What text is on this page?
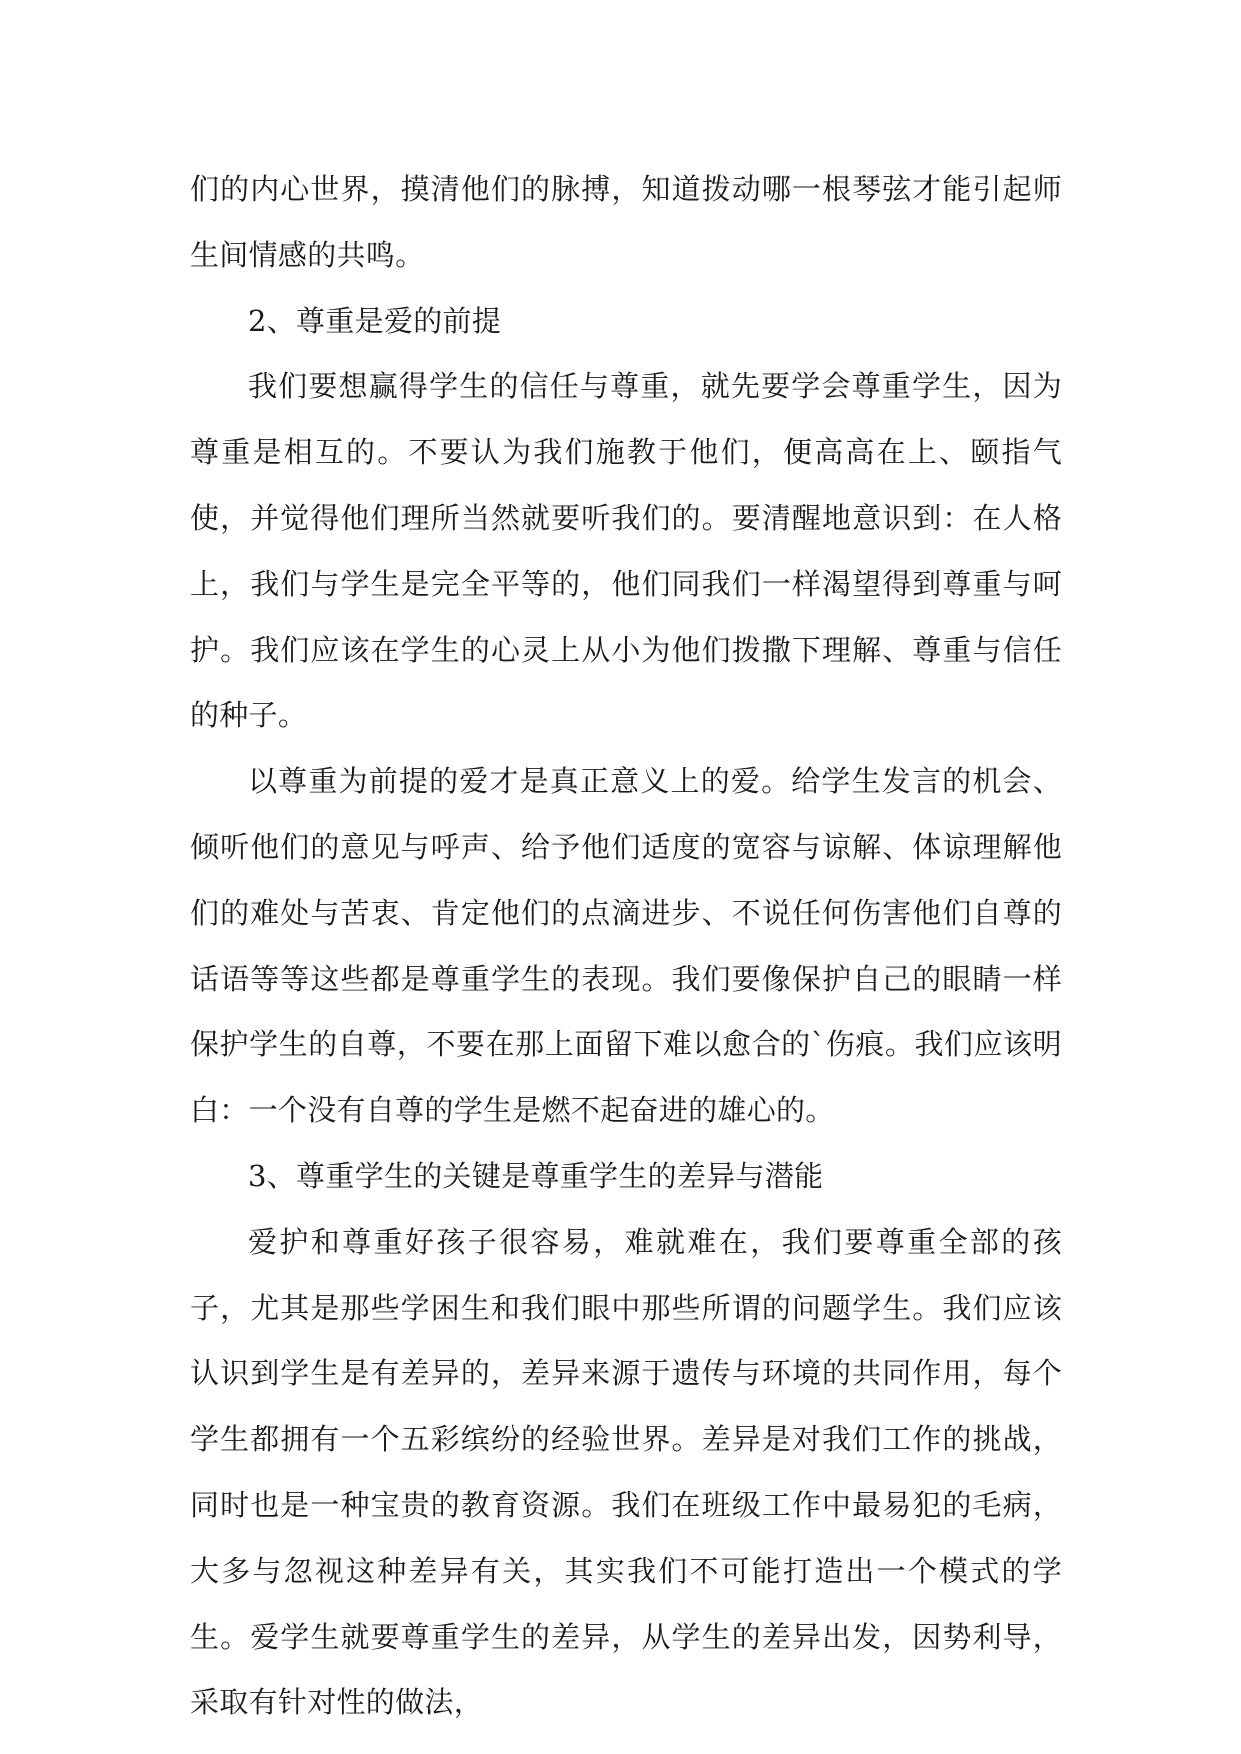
们的内心世界，摸清他们的脉搏，知道拨动哪一根琴弦才能引起师生间情感的共鸣。

2、尊重是爱的前提

我们要想赢得学生的信任与尊重，就先要学会尊重学生，因为尊重是相互的。不要认为我们施教于他们，便高高在上、颐指气使，并觉得他们理所当然就要听我们的。要清醒地意识到：在人格上，我们与学生是完全平等的，他们同我们一样渴望得到尊重与呵护。我们应该在学生的心灵上从小为他们拨撒下理解、尊重与信任的种子。

以尊重为前提的爱才是真正意义上的爱。给学生发言的机会、倾听他们的意见与呼声、给予他们适度的宽容与谅解、体谅理解他们的难处与苦衷、肯定他们的点滴进步、不说任何伤害他们自尊的话语等等这些都是尊重学生的表现。我们要像保护自己的眼睛一样保护学生的自尊，不要在那上面留下难以愈合的`伤痕。我们应该明白：一个没有自尊的学生是燃不起奋进的雄心的。

3、尊重学生的关键是尊重学生的差异与潜能

爱护和尊重好孩子很容易，难就难在，我们要尊重全部的孩子，尤其是那些学困生和我们眼中那些所谓的问题学生。我们应该认识到学生是有差异的，差异来源于遗传与环境的共同作用，每个学生都拥有一个五彩缤纷的经验世界。差异是对我们工作的挑战，同时也是一种宝贵的教育资源。我们在班级工作中最易犯的毛病，大多与忽视这种差异有关，其实我们不可能打造出一个模式的学生。爱学生就要尊重学生的差异，从学生的差异出发，因势利导，采取有针对性的做法，
